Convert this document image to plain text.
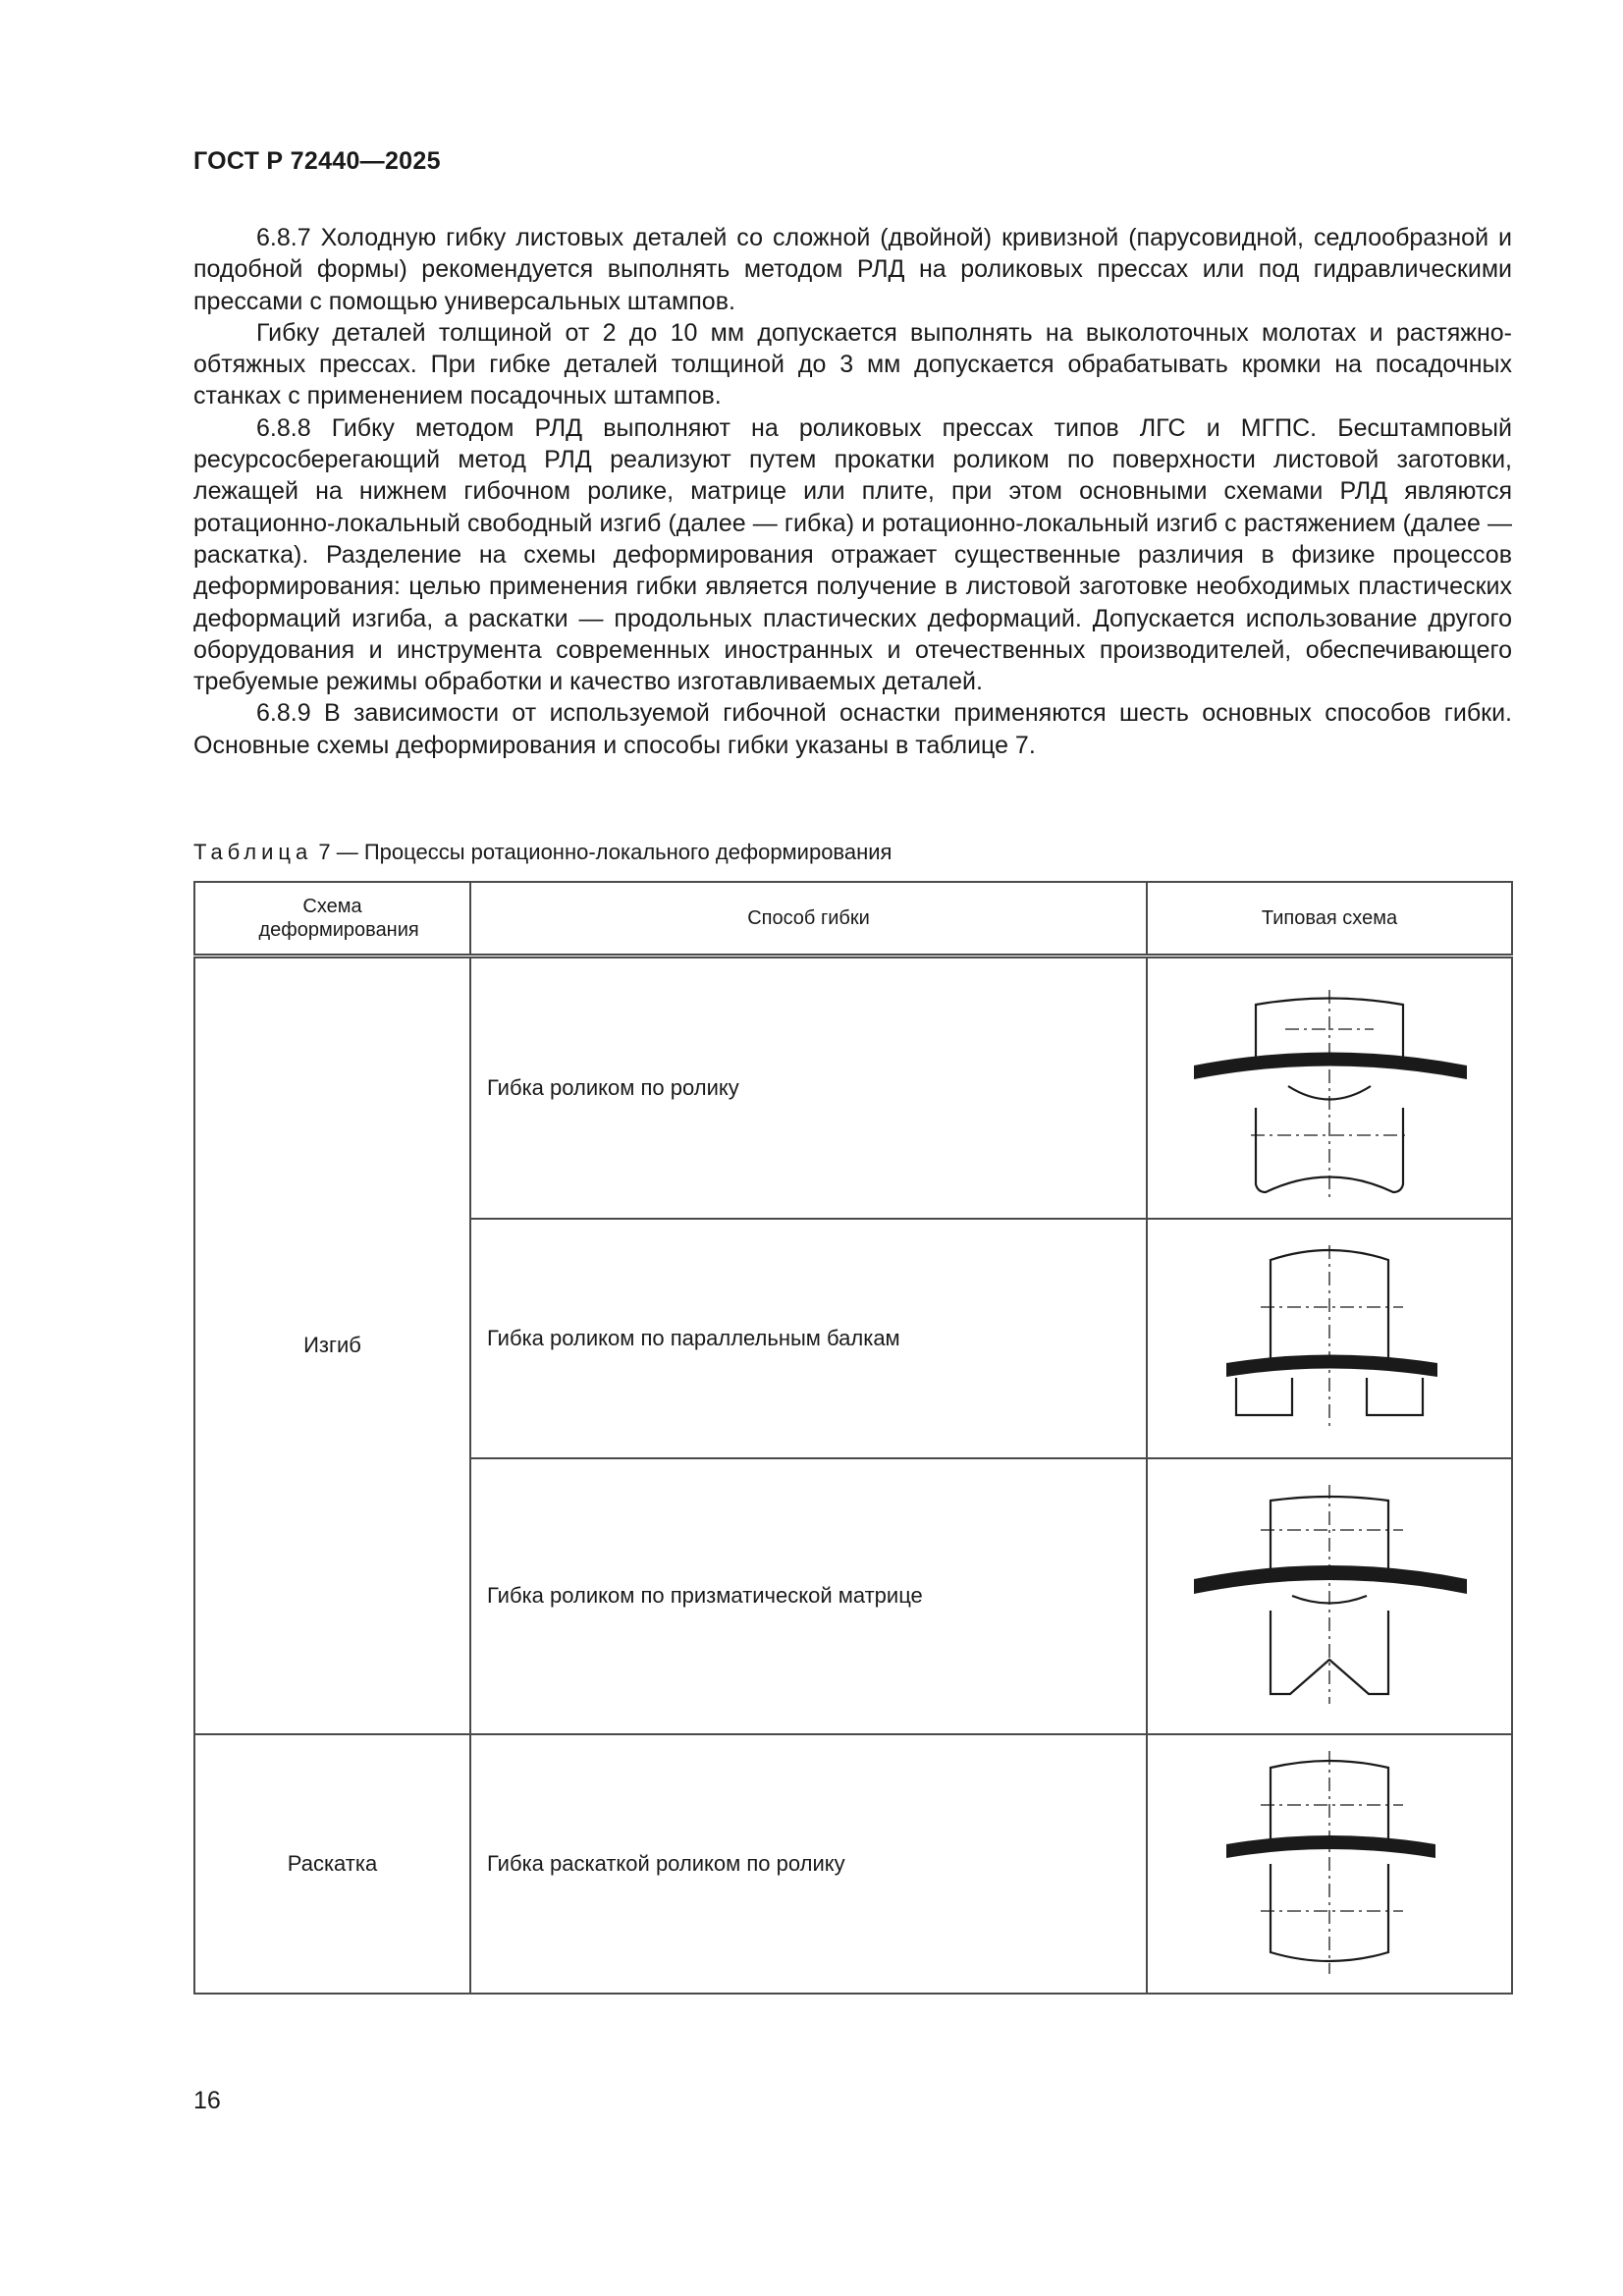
ГОСТ Р 72440—2025

6.8.7 Холодную гибку листовых деталей со сложной (двойной) кривизной (парусовидной, седлообразной и подобной формы) рекомендуется выполнять методом РЛД на роликовых прессах или под гидравлическими прессами с помощью универсальных штампов.

Гибку деталей толщиной от 2 до 10 мм допускается выполнять на выколоточных молотах и растяжно-обтяжных прессах. При гибке деталей толщиной до 3 мм допускается обрабатывать кромки на посадочных станках с применением посадочных штампов.

6.8.8 Гибку методом РЛД выполняют на роликовых прессах типов ЛГС и МГПС. Бесштамповый ресурсосберегающий метод РЛД реализуют путем прокатки роликом по поверхности листовой заготовки, лежащей на нижнем гибочном ролике, матрице или плите, при этом основными схемами РЛД являются ротационно-локальный свободный изгиб (далее — гибка) и ротационно-локальный изгиб с растяжением (далее — раскатка). Разделение на схемы деформирования отражает существенные различия в физике процессов деформирования: целью применения гибки является получение в листовой заготовке необходимых пластических деформаций изгиба, а раскатки — продольных пластических деформаций. Допускается использование другого оборудования и инструмента современных иностранных и отечественных производителей, обеспечивающего требуемые режимы обработки и качество изготавливаемых деталей.

6.8.9 В зависимости от используемой гибочной оснастки применяются шесть основных способов гибки. Основные схемы деформирования и способы гибки указаны в таблице 7.

Таблица 7 — Процессы ротационно-локального деформирования
Схема деформирования	Способ гибки	Типовая схема
Изгиб	Гибка роликом по ролику	

	Гибка роликом по параллельным балкам	

	Гибка роликом по призматической матрице	

Раскатка	Гибка раскаткой роликом по ролику	
16
